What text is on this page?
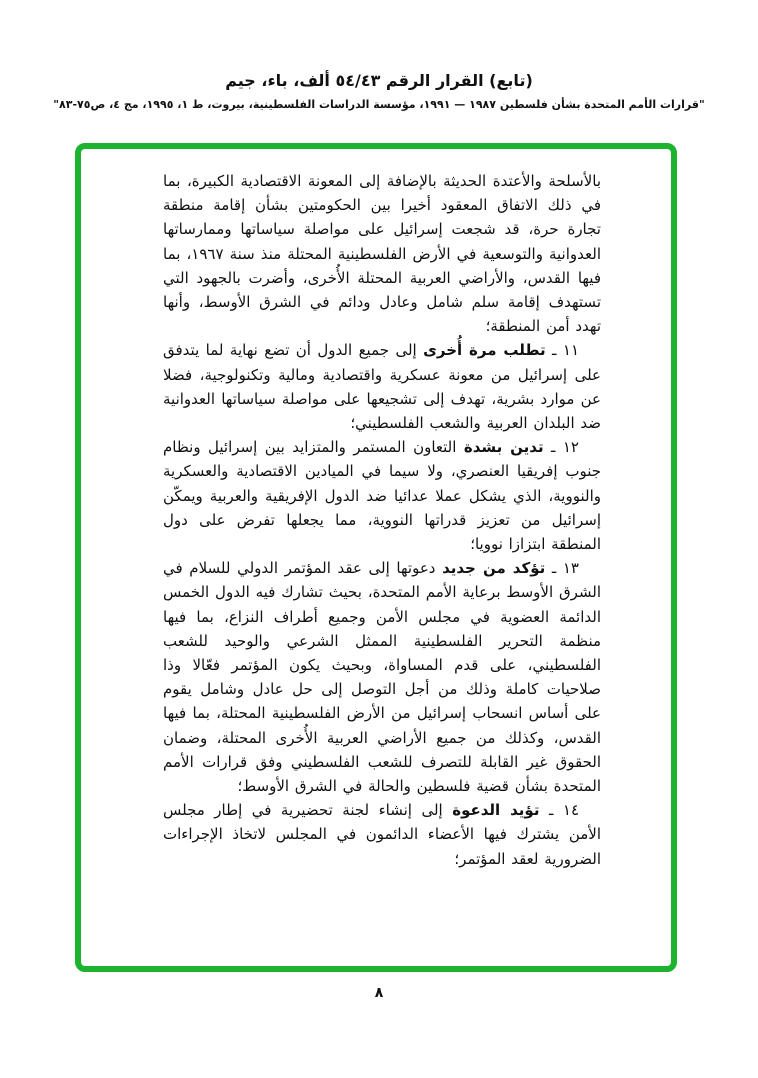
(تابع) القرار الرقم ٥٤/٤٣ ألف، باء، جيم
"قرارات الأمم المتحدة بشأن فلسطين ١٩٨٧ — ١٩٩١، مؤسسة الدراسات الفلسطينية، بيروت، ط ١، ١٩٩٥، مج ٤، ص٧٥-٨٣"

بالأسلحة والأعتدة الحديثة بالإضافة إلى المعونة الاقتصادية الكبيرة، بما في ذلك الاتفاق المعقود أخيرا بين الحكومتين بشأن إقامة منطقة تجارة حرة، قد شجعت إسرائيل على مواصلة سياساتها وممارساتها العدوانية والتوسعية في الأرض الفلسطينية المحتلة منذ سنة ١٩٦٧، بما فيها القدس، والأراضي العربية المحتلة الأُخرى، وأضرت بالجهود التي تستهدف إقامة سلم شامل وعادل ودائم في الشرق الأوسط، وأنها تهدد أمن المنطقة؛

١١ ـ تطلب مرة أُخرى إلى جميع الدول أن تضع نهاية لما يتدفق على إسرائيل من معونة عسكرية واقتصادية ومالية وتكنولوجية، فضلا عن موارد بشرية، تهدف إلى تشجيعها على مواصلة سياساتها العدوانية ضد البلدان العربية والشعب الفلسطيني؛

١٢ ـ تدين بشدة التعاون المستمر والمتزايد بين إسرائيل ونظام جنوب إفريقيا العنصري، ولا سيما في الميادين الاقتصادية والعسكرية والنووية، الذي يشكل عملا عدائيا ضد الدول الإفريقية والعربية ويمكّن إسرائيل من تعزيز قدراتها النووية، مما يجعلها تفرض على دول المنطقة ابتزازا نوويا؛

١٣ ـ تؤكد من جديد دعوتها إلى عقد المؤتمر الدولي للسلام في الشرق الأوسط برعاية الأمم المتحدة، بحيث تشارك فيه الدول الخمس الدائمة العضوية في مجلس الأمن وجميع أطراف النزاع، بما فيها منظمة التحرير الفلسطينية الممثل الشرعي والوحيد للشعب الفلسطيني، على قدم المساواة، وبحيث يكون المؤتمر فعّالا وذا صلاحيات كاملة وذلك من أجل التوصل إلى حل عادل وشامل يقوم على أساس انسحاب إسرائيل من الأرض الفلسطينية المحتلة، بما فيها القدس، وكذلك من جميع الأراضي العربية الأُخرى المحتلة، وضمان الحقوق غير القابلة للتصرف للشعب الفلسطيني وفق قرارات الأمم المتحدة بشأن قضية فلسطين والحالة في الشرق الأوسط؛

١٤ ـ تؤيد الدعوة إلى إنشاء لجنة تحضيرية في إطار مجلس الأمن يشترك فيها الأعضاء الدائمون في المجلس لاتخاذ الإجراءات الضرورية لعقد المؤتمر؛

٨
